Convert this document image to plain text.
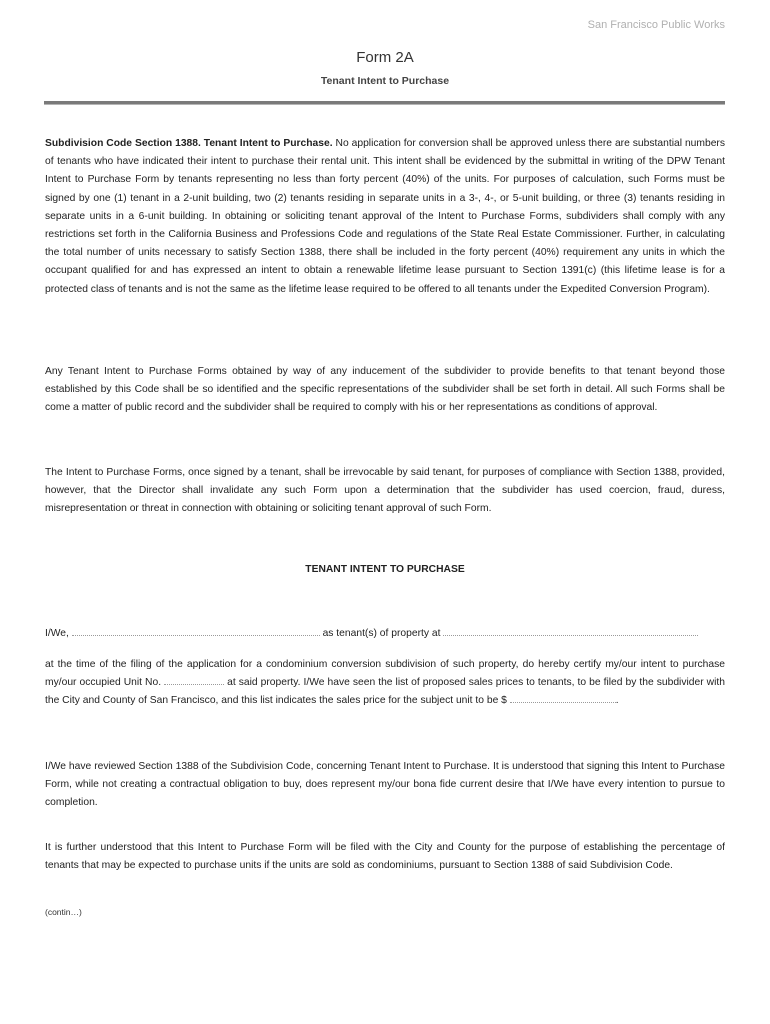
San Francisco Public Works
Form 2A
Tenant Intent to Purchase
Subdivision Code Section 1388. Tenant Intent to Purchase. No application for conversion shall be approved unless there are substantial numbers of tenants who have indicated their intent to purchase their rental unit. This intent shall be evidenced by the submittal in writing of the DPW Tenant Intent to Purchase Form by tenants representing no less than forty percent (40%) of the units. For purposes of calculation, such Forms must be signed by one (1) tenant in a 2-unit building, two (2) tenants residing in separate units in a 3-, 4-, or 5-unit building, or three (3) tenants residing in separate units in a 6-unit building. In obtaining or soliciting tenant approval of the Intent to Purchase Forms, subdividers shall comply with any restrictions set forth in the California Business and Professions Code and regulations of the State Real Estate Commissioner. Further, in calculating the total number of units necessary to satisfy Section 1388, there shall be included in the forty percent (40%) requirement any units in which the occupant qualified for and has expressed an intent to obtain a renewable lifetime lease pursuant to Section 1391(c) (this lifetime lease is for a protected class of tenants and is not the same as the lifetime lease required to be offered to all tenants under the Expedited Conversion Program).
Any Tenant Intent to Purchase Forms obtained by way of any inducement of the subdivider to provide benefits to that tenant beyond those established by this Code shall be so identified and the specific representations of the subdivider shall be set forth in detail. All such Forms shall be come a matter of public record and the subdivider shall be required to comply with his or her representations as conditions of approval.
The Intent to Purchase Forms, once signed by a tenant, shall be irrevocable by said tenant, for purposes of compliance with Section 1388, provided, however, that the Director shall invalidate any such Form upon a determination that the subdivider has used coercion, fraud, duress, misrepresentation or threat in connection with obtaining or soliciting tenant approval of such Form.
TENANT INTENT TO PURCHASE
I/We,	as tenant(s) of property at
at the time of the filing of the application for a condominium conversion subdivision of such property, do hereby certify my/our intent to purchase my/our occupied Unit No.	at said property. I/We have seen the list of proposed sales prices to tenants, to be filed by the subdivider with the City and County of San Francisco, and this list indicates the sales price for the subject unit to be $	.
I/We have reviewed Section 1388 of the Subdivision Code, concerning Tenant Intent to Purchase. It is understood that signing this Intent to Purchase Form, while not creating a contractual obligation to buy, does represent my/our bona fide current desire that I/We have every intention to pursue to completion.
It is further understood that this Intent to Purchase Form will be filed with the City and County for the purpose of establishing the percentage of tenants that may be expected to purchase units if the units are sold as condominiums, pursuant to Section 1388 of said Subdivision Code.
(contin…)
